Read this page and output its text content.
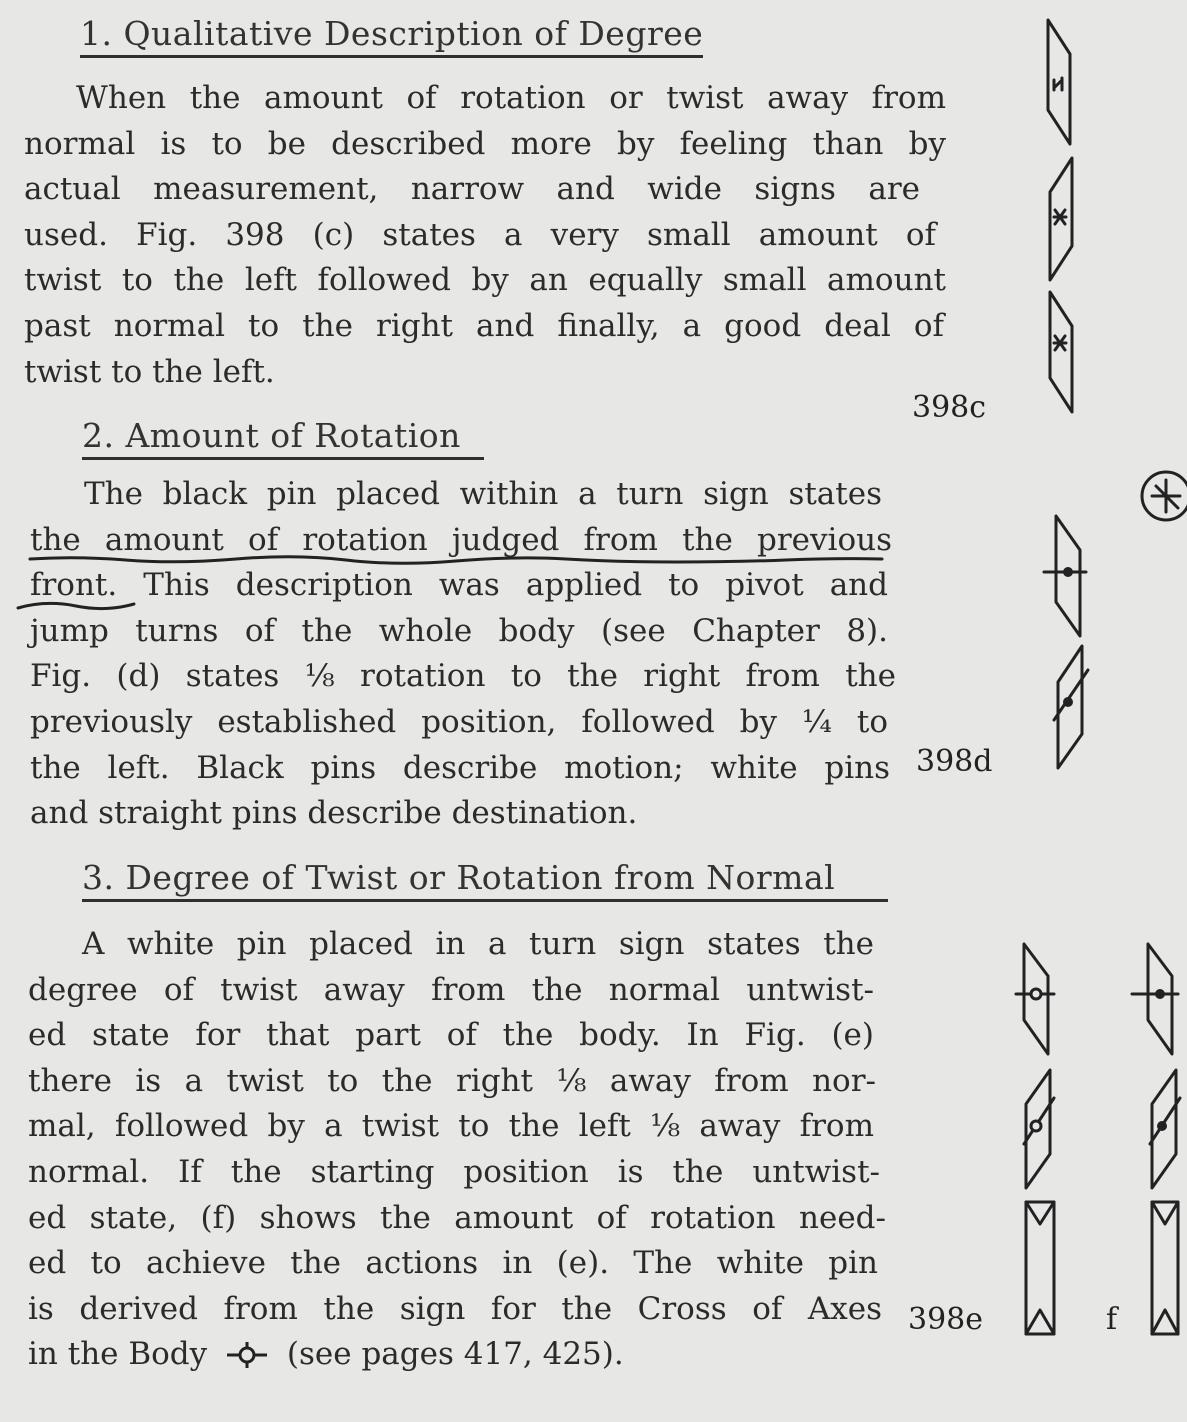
1. Qualitative Description of Degree
When the amount of rotation or twist away from
normal is to be described more by feeling than by
actual measurement, narrow and wide signs are
used. Fig. 398 (c) states a very small amount of
twist to the left followed by an equally small amount
past normal to the right and finally, a good deal of
twist to the left.
398c
2. Amount of Rotation
The black pin placed within a turn sign states
the amount of rotation judged from the previous
front. This description was applied to pivot and
jump turns of the whole body (see Chapter 8).
Fig. (d) states ⅛ rotation to the right from the
previously established position, followed by ¼ to
the left. Black pins describe motion; white pins
and straight pins describe destination.
398d
3. Degree of Twist or Rotation from Normal
A white pin placed in a turn sign states the
degree of twist away from the normal untwist-
ed state for that part of the body. In Fig. (e)
there is a twist to the right ⅛ away from nor-
mal, followed by a twist to the left ⅛ away from
normal. If the starting position is the untwist-
ed state, (f) shows the amount of rotation need-
ed to achieve the actions in (e). The white pin
is derived from the sign for the Cross of Axes
in the Body	(see pages 417, 425).
398e	f
